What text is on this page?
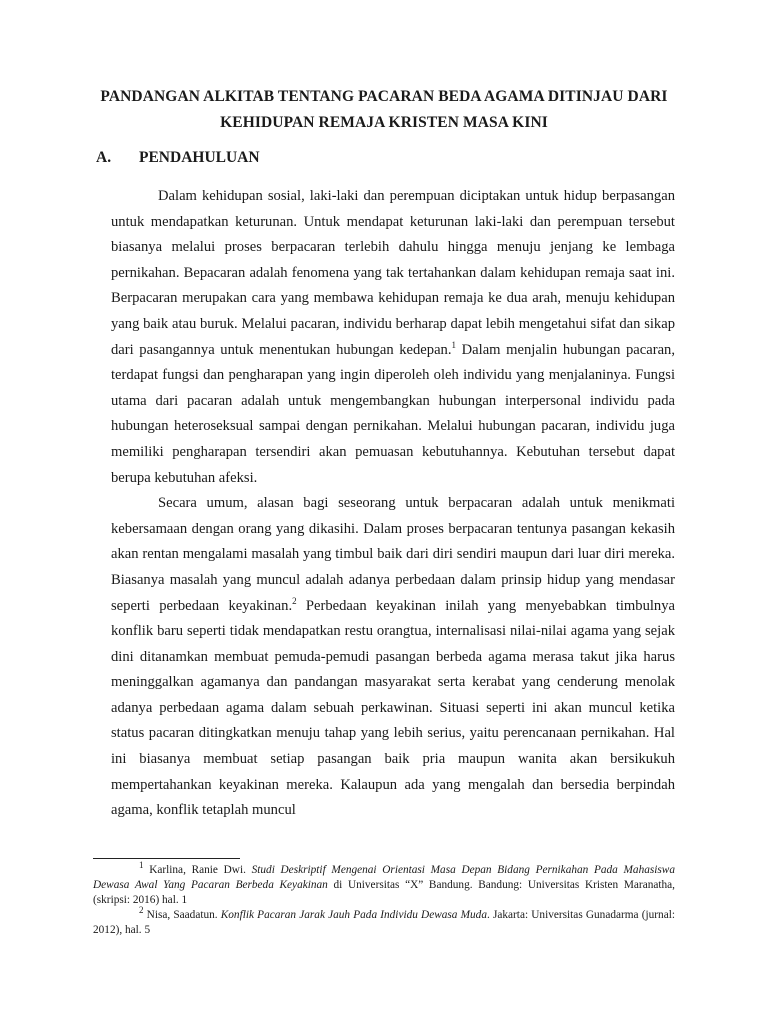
PANDANGAN ALKITAB TENTANG PACARAN BEDA AGAMA DITINJAU DARI
KEHIDUPAN REMAJA KRISTEN MASA KINI
A. PENDAHULUAN

Dalam kehidupan sosial, laki-laki dan perempuan diciptakan untuk hidup berpasangan untuk mendapatkan keturunan. Untuk mendapat keturunan laki-laki dan perempuan tersebut biasanya melalui proses berpacaran terlebih dahulu hingga menuju jenjang ke lembaga pernikahan. Bepacaran adalah fenomena yang tak tertahankan dalam kehidupan remaja saat ini. Berpacaran merupakan cara yang membawa kehidupan remaja ke dua arah, menuju kehidupan yang baik atau buruk. Melalui pacaran, individu berharap dapat lebih mengetahui sifat dan sikap dari pasangannya untuk menentukan hubungan kedepan.$^1$ Dalam menjalin hubungan pacaran, terdapat fungsi dan pengharapan yang ingin diperoleh oleh individu yang menjalaninya. Fungsi utama dari pacaran adalah untuk mengembangkan hubungan interpersonal individu pada hubungan heteroseksual sampai dengan pernikahan. Melalui hubungan pacaran, individu juga memiliki pengharapan tersendiri akan pemuasan kebutuhannya. Kebutuhan tersebut dapat berupa kebutuhan afeksi.

Secara umum, alasan bagi seseorang untuk berpacaran adalah untuk menikmati kebersamaan dengan orang yang dikasihi. Dalam proses berpacaran tentunya pasangan kekasih akan rentan mengalami masalah yang timbul baik dari diri sendiri maupun dari luar diri mereka. Biasanya masalah yang muncul adalah adanya perbedaan dalam prinsip hidup yang mendasar seperti perbedaan keyakinan.$^2$ Perbedaan keyakinan inilah yang menyebabkan timbulnya konflik baru seperti tidak mendapatkan restu orangtua, internalisasi nilai-nilai agama yang sejak dini ditanamkan membuat pemuda-pemudi pasangan berbeda agama merasa takut jika harus meninggalkan agamanya dan pandangan masyarakat serta kerabat yang cenderung menolak adanya perbedaan agama dalam sebuah perkawinan. Situasi seperti ini akan muncul ketika status pacaran ditingkatkan menuju tahap yang lebih serius, yaitu perencanaan pernikahan. Hal ini biasanya membuat setiap pasangan baik pria maupun wanita akan bersikukuh mempertahankan keyakinan mereka. Kalaupun ada yang mengalah dan bersedia berpindah agama, konflik tetaplah muncul

$^1$ Karlina, Ranie Dwi. Studi Deskriptif Mengenai Orientasi Masa Depan Bidang Pernikahan Pada Mahasiswa Dewasa Awal Yang Pacaran Berbeda Keyakinan di Universitas “X” Bandung. Bandung: Universitas Kristen Maranatha, (skripsi: 2016) hal. 1

$^2$ Nisa, Saadatun. Konflik Pacaran Jarak Jauh Pada Individu Dewasa Muda. Jakarta: Universitas Gunadarma (jurnal: 2012), hal. 5
